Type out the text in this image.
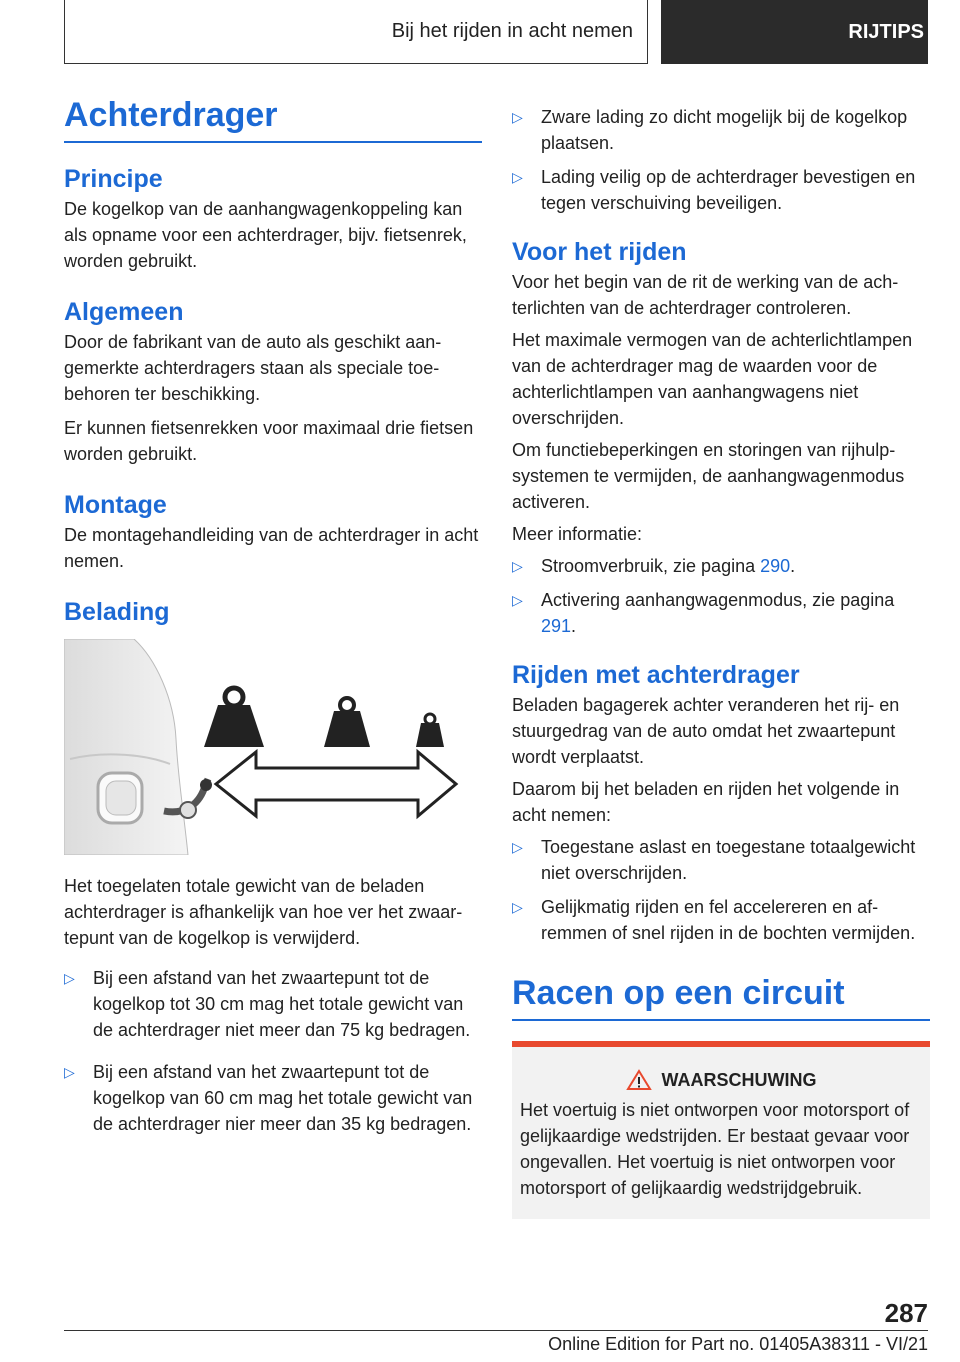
Bij het rijden in acht nemen	RIJTIPS
Achterdrager
Principe

De kogelkop van de aanhangwagenkoppeling kan als opname voor een achterdrager, bijv. fietsenrek, worden gebruikt.

Algemeen

Door de fabrikant van de auto als geschikt aangemerkte achterdragers staan als speciale toebehoren ter beschikking.

Er kunnen fietsenrekken voor maximaal drie fietsen worden gebruikt.

Montage

De montagehandleiding van de achterdrager in acht nemen.

Belading

Het toegelaten totale gewicht van de beladen achterdrager is afhankelijk van hoe ver het zwaartepunt van de kogelkop is verwijderd.

▷ Bij een afstand van het zwaartepunt tot de kogelkop tot 30 cm mag het totale gewicht van de achterdrager niet meer dan 75 kg bedragen.
▷ Bij een afstand van het zwaartepunt tot de kogelkop van 60 cm mag het totale gewicht van de achterdrager nier meer dan 35 kg bedragen.
▷ Zware lading zo dicht mogelijk bij de kogelkop plaatsen.
▷ Lading veilig op de achterdrager bevestigen en tegen verschuiving beveiligen.
Voor het rijden

Voor het begin van de rit de werking van de achterlichten van de achterdrager controleren.

Het maximale vermogen van de achterlichtlampen van de achterdrager mag de waarden voor de achterlichtlampen van aanhangwagens niet overschrijden.

Om functiebeperkingen en storingen van rijhulpsystemen te vermijden, de aanhangwagenmodus activeren.

Meer informatie:

▷ Stroomverbruik, zie pagina 290.
▷ Activering aanhangwagenmodus, zie pagina 291.
Rijden met achterdrager

Beladen bagagerek achter veranderen het rij- en stuurgedrag van de auto omdat het zwaartepunt wordt verplaatst.

Daarom bij het beladen en rijden het volgende in acht nemen:

▷ Toegestane aslast en toegestane totaalgewicht niet overschrijden.
▷ Gelijkmatig rijden en fel accelereren en afremmen of snel rijden in de bochten vermijden.
Racen op een circuit
WAARSCHUWING

Het voertuig is niet ontworpen voor motorsport of gelijkaardige wedstrijden. Er bestaat gevaar voor ongevallen. Het voertuig is niet ontworpen voor motorsport of gelijkaardig wedstrijdgebruik.

287
Online Edition for Part no. 01405A38311 - VI/21
